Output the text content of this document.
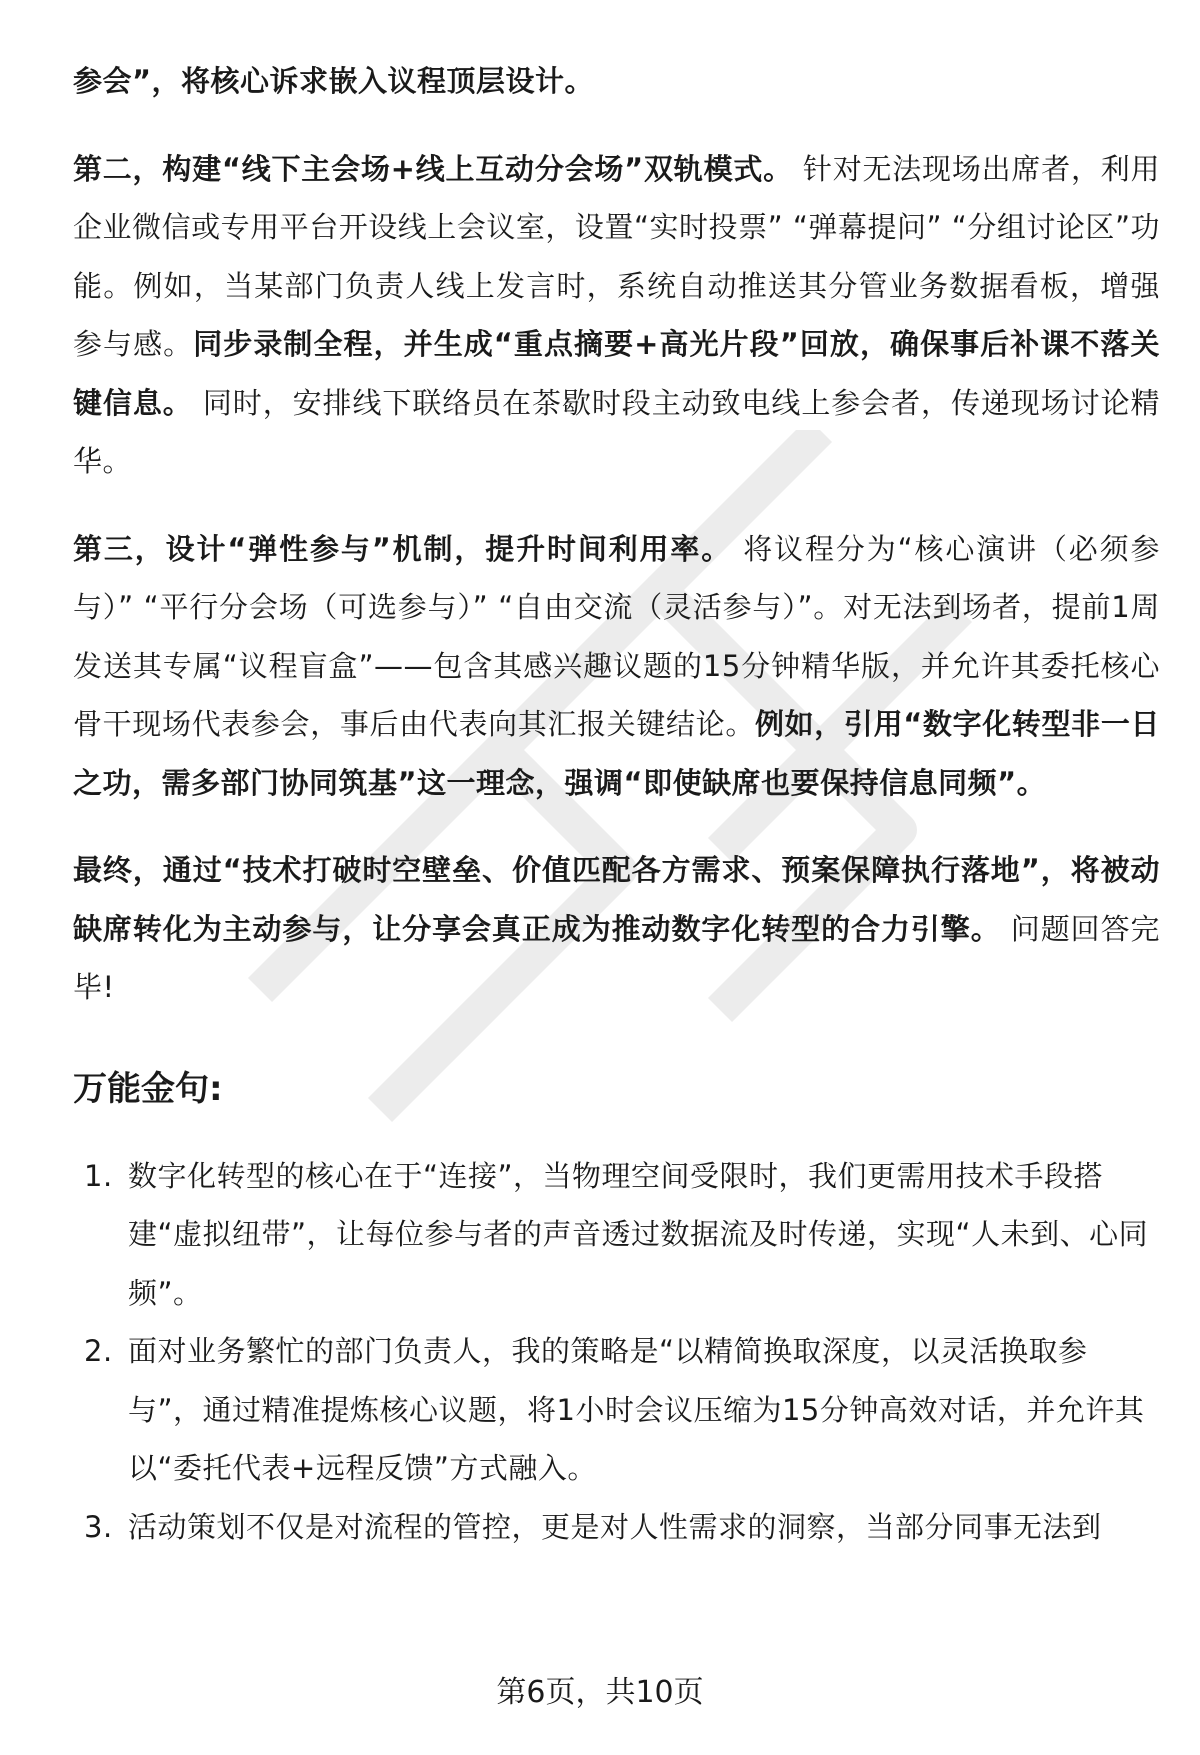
参会”，将核心诉求嵌入议程顶层设计。

第二，构建“线下主会场+线上互动分会场”双轨模式。 针对无法现场出席者，利用企业微信或专用平台开设线上会议室，设置“实时投票” “弹幕提问” “分组讨论区”功能。例如，当某部门负责人线上发言时，系统自动推送其分管业务数据看板，增强参与感。同步录制全程，并生成“重点摘要+高光片段”回放，确保事后补课不落关键信息。 同时，安排线下联络员在茶歇时段主动致电线上参会者，传递现场讨论精华。

第三，设计“弹性参与”机制，提升时间利用率。 将议程分为“核心演讲（必须参与）” “平行分会场（可选参与）” “自由交流（灵活参与）”。对无法到场者，提前1周发送其专属“议程盲盒”——包含其感兴趣议题的15分钟精华版，并允许其委托核心骨干现场代表参会，事后由代表向其汇报关键结论。例如，引用“数字化转型非一日之功，需多部门协同筑基”这一理念，强调“即使缺席也要保持信息同频”。

最终，通过“技术打破时空壁垒、价值匹配各方需求、预案保障执行落地”，将被动缺席转化为主动参与，让分享会真正成为推动数字化转型的合力引擎。 问题回答完毕!

万能金句:
1. 数字化转型的核心在于“连接”，当物理空间受限时，我们更需用技术手段搭建“虚拟纽带”，让每位参与者的声音透过数据流及时传递，实现“人未到、心同频”。
2. 面对业务繁忙的部门负责人，我的策略是“以精简换取深度，以灵活换取参与”，通过精准提炼核心议题，将1小时会议压缩为15分钟高效对话，并允许其以“委托代表+远程反馈”方式融入。
3. 活动策划不仅是对流程的管控，更是对人性需求的洞察，当部分同事无法到
第6页，共10页
